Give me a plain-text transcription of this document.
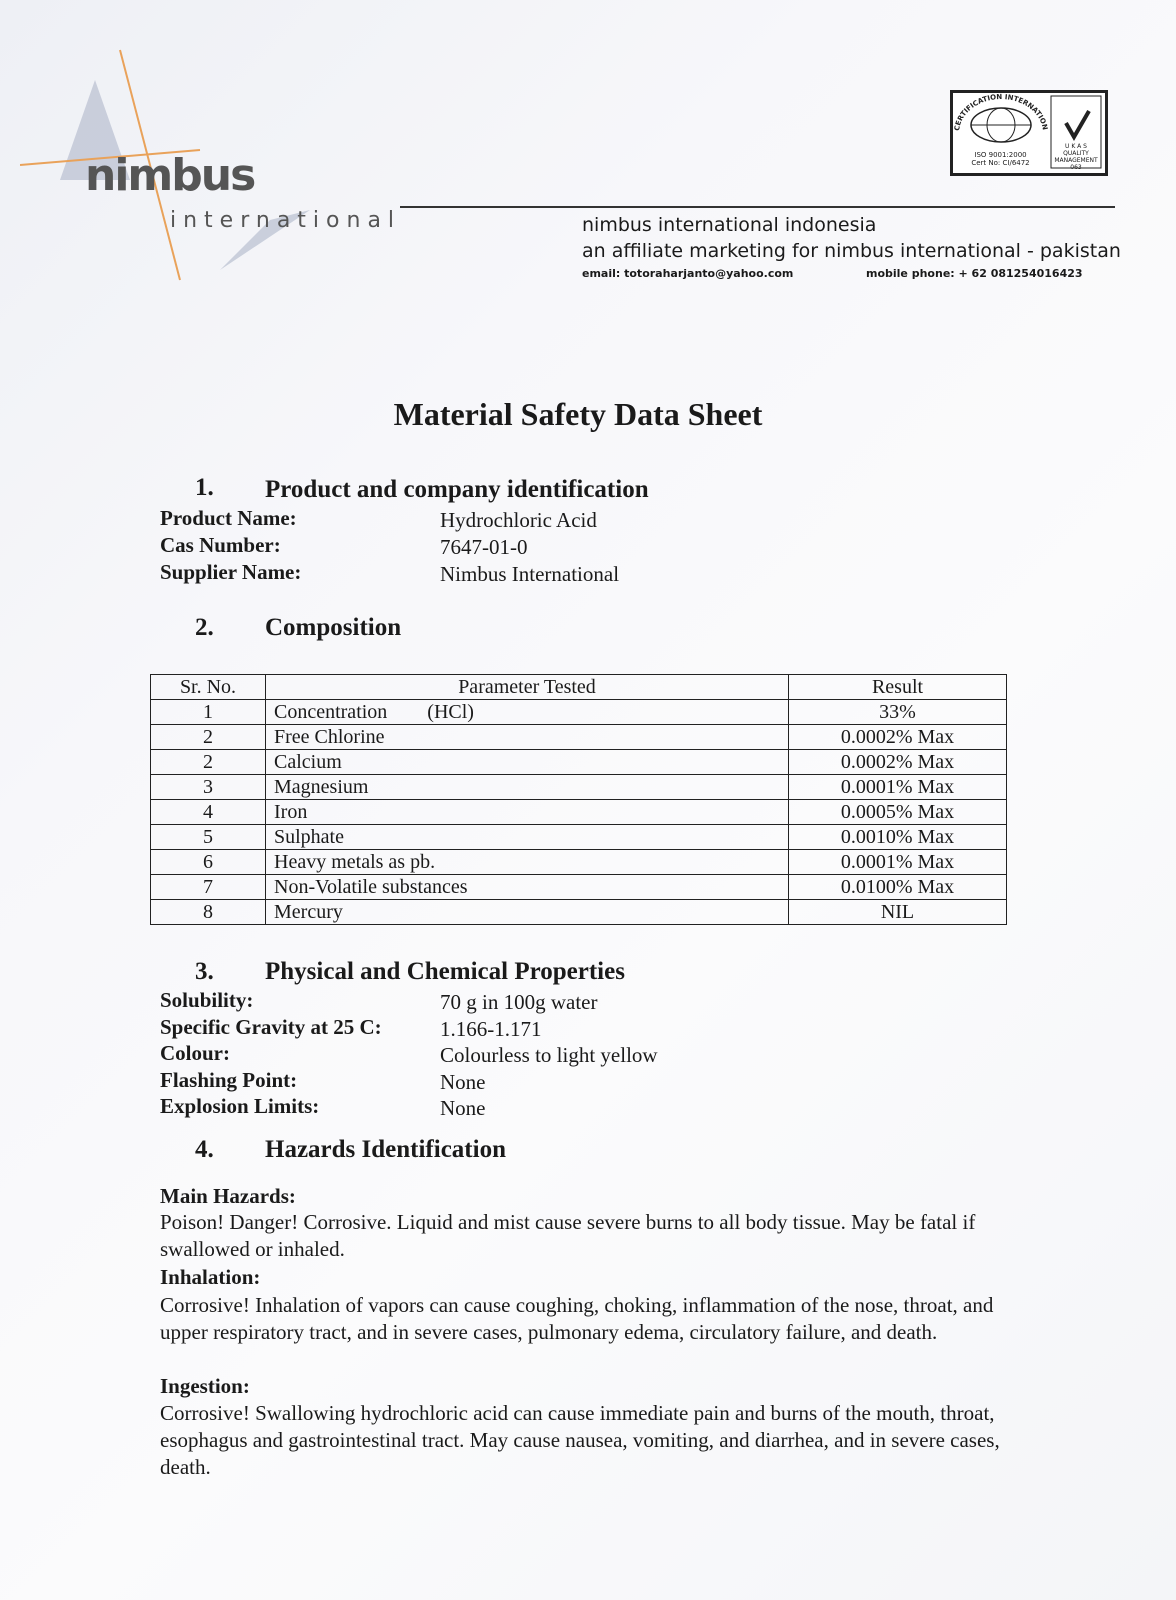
nimbus
international
CERTIFICATION INTERNATION
ISO 9001:2000
Cert No: CI/6472
U K A S
QUALITY MANAGEMENT
063
nimbus international indonesia
an affiliate marketing for nimbus international - pakistan
email: totoraharjanto@yahoo.com	mobile phone: + 62 081254016423
Material Safety Data Sheet
1. Product and company identification
Product Name:	Hydrochloric Acid
Cas Number:	7647-01-0
Supplier Name:	Nimbus International
2. Composition
Sr. No.	Parameter Tested	Result
1	Concentration        (HCl)	33%
2	Free Chlorine	0.0002% Max
2	Calcium	0.0002% Max
3	Magnesium	0.0001% Max
4	Iron	0.0005% Max
5	Sulphate	0.0010% Max
6	Heavy metals as pb.	0.0001% Max
7	Non-Volatile substances	0.0100% Max
8	Mercury	NIL
3. Physical and Chemical Properties
Solubility:	70 g in 100g water
Specific Gravity at 25 C:	1.166-1.171
Colour:	Colourless to light yellow
Flashing Point:	None
Explosion Limits:	None
4. Hazards Identification
Main Hazards:
Poison! Danger! Corrosive. Liquid and mist cause severe burns to all body tissue. May be fatal if swallowed or inhaled.
Inhalation:
Corrosive! Inhalation of vapors can cause coughing, choking, inflammation of the nose, throat, and upper respiratory tract, and in severe cases, pulmonary edema, circulatory failure, and death.
Ingestion:
Corrosive! Swallowing hydrochloric acid can cause immediate pain and burns of the mouth, throat, esophagus and gastrointestinal tract. May cause nausea, vomiting, and diarrhea, and in severe cases, death.
